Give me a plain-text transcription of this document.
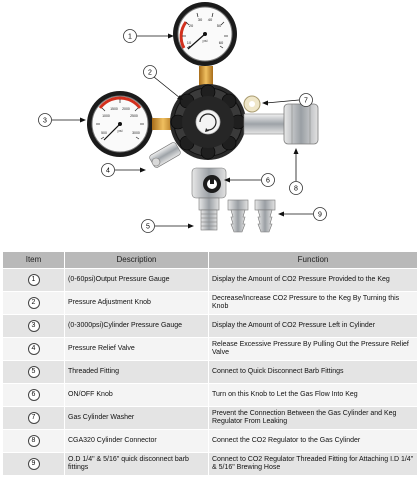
10
20
30 40
50
60
psi
500
1000
1500 2000
2500
3000
psi
1
2
3
4
5
6
7
8
9
Item	Description	Function
1	(0-60psi)Output Pressure Gauge	Display the Amount of CO2 Pressure Provided to the Keg
2	Pressure Adjustment Knob	Decrease/Increase CO2 Pressure to the Keg By Turning this Knob
3	(0-3000psi)Cylinder Pressure Gauge	Display the Amount of CO2 Pressure Left in Cylinder
4	Pressure Relief Valve	Release Excessive Pressure By Pulling Out the Pressure Relief Valve
5	Threaded Fitting	Connect to Quick Disconnect Barb Fittings
6	ON/OFF Knob	Turn on this Knob to Let the Gas Flow Into Keg
7	Gas Cylinder Washer	Prevent the Connection Between the Gas Cylinder and Keg Regulator From Leaking
8	CGA320 Cylinder Connector	Connect the CO2 Regulator to the Gas Cylinder
9	O.D 1/4" & 5/16" quick disconnect barb fittings	Connect to CO2 Regulator Threaded Fitting for Attaching I.D 1/4" & 5/16" Brewing Hose
